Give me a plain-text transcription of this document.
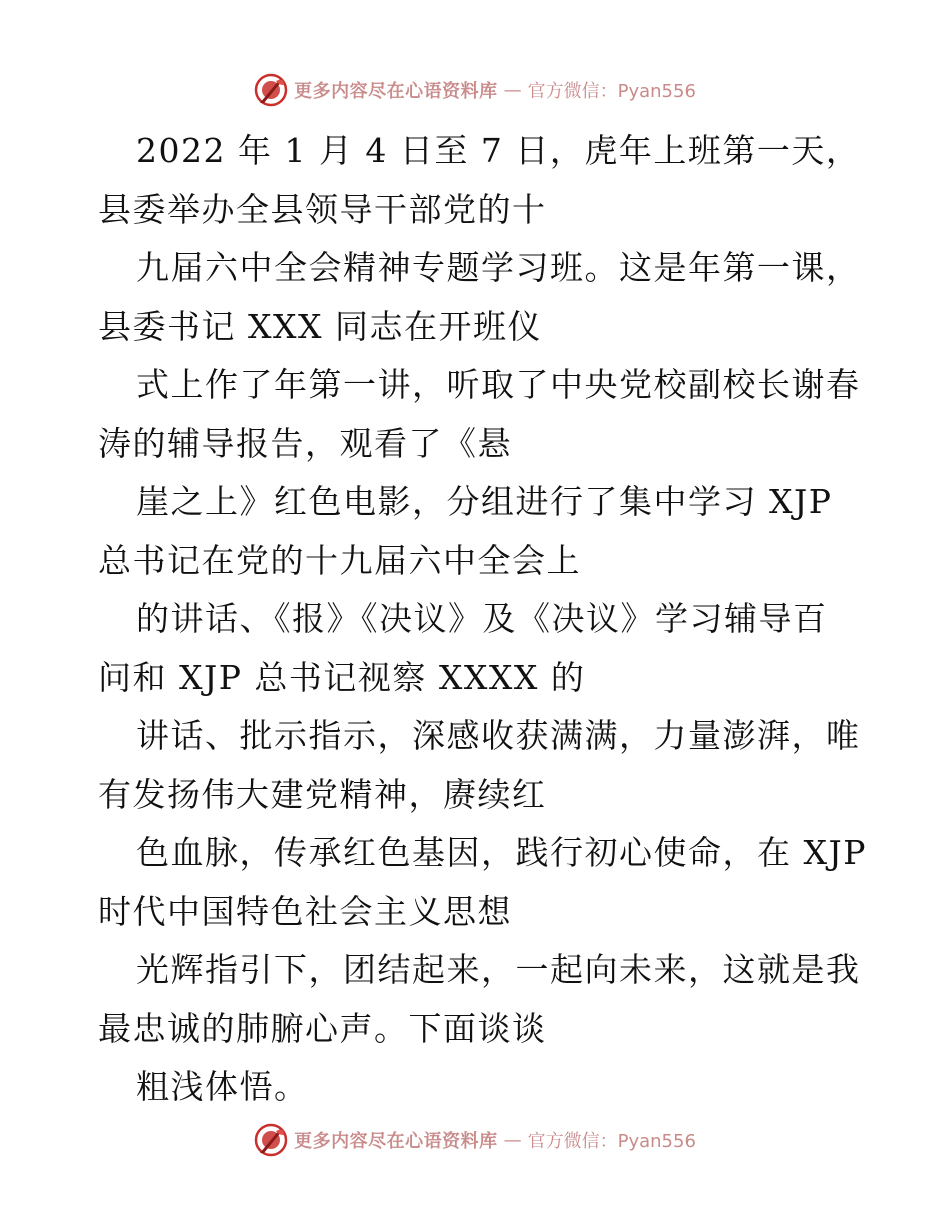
更多内容尽在心语资料库 — 官方微信：Pyan556
2022 年 1 月 4 日至 7 日，虎年上班第一天，
县委举办全县领导干部党的十
九届六中全会精神专题学习班。这是年第一课，
县委书记 XXX 同志在开班仪
式上作了年第一讲，听取了中央党校副校长谢春
涛的辅导报告，观看了《悬
崖之上》红色电影，分组进行了集中学习 XJP
总书记在党的十九届六中全会上
的讲话、《报》《决议》及《决议》学习辅导百
问和 XJP 总书记视察 XXXX 的
讲话、批示指示，深感收获满满，力量澎湃，唯
有发扬伟大建党精神，赓续红
色血脉，传承红色基因，践行初心使命，在 XJP
时代中国特色社会主义思想
光辉指引下，团结起来，一起向未来，这就是我
最忠诚的肺腑心声。下面谈谈
粗浅体悟。
更多内容尽在心语资料库 — 官方微信：Pyan556
